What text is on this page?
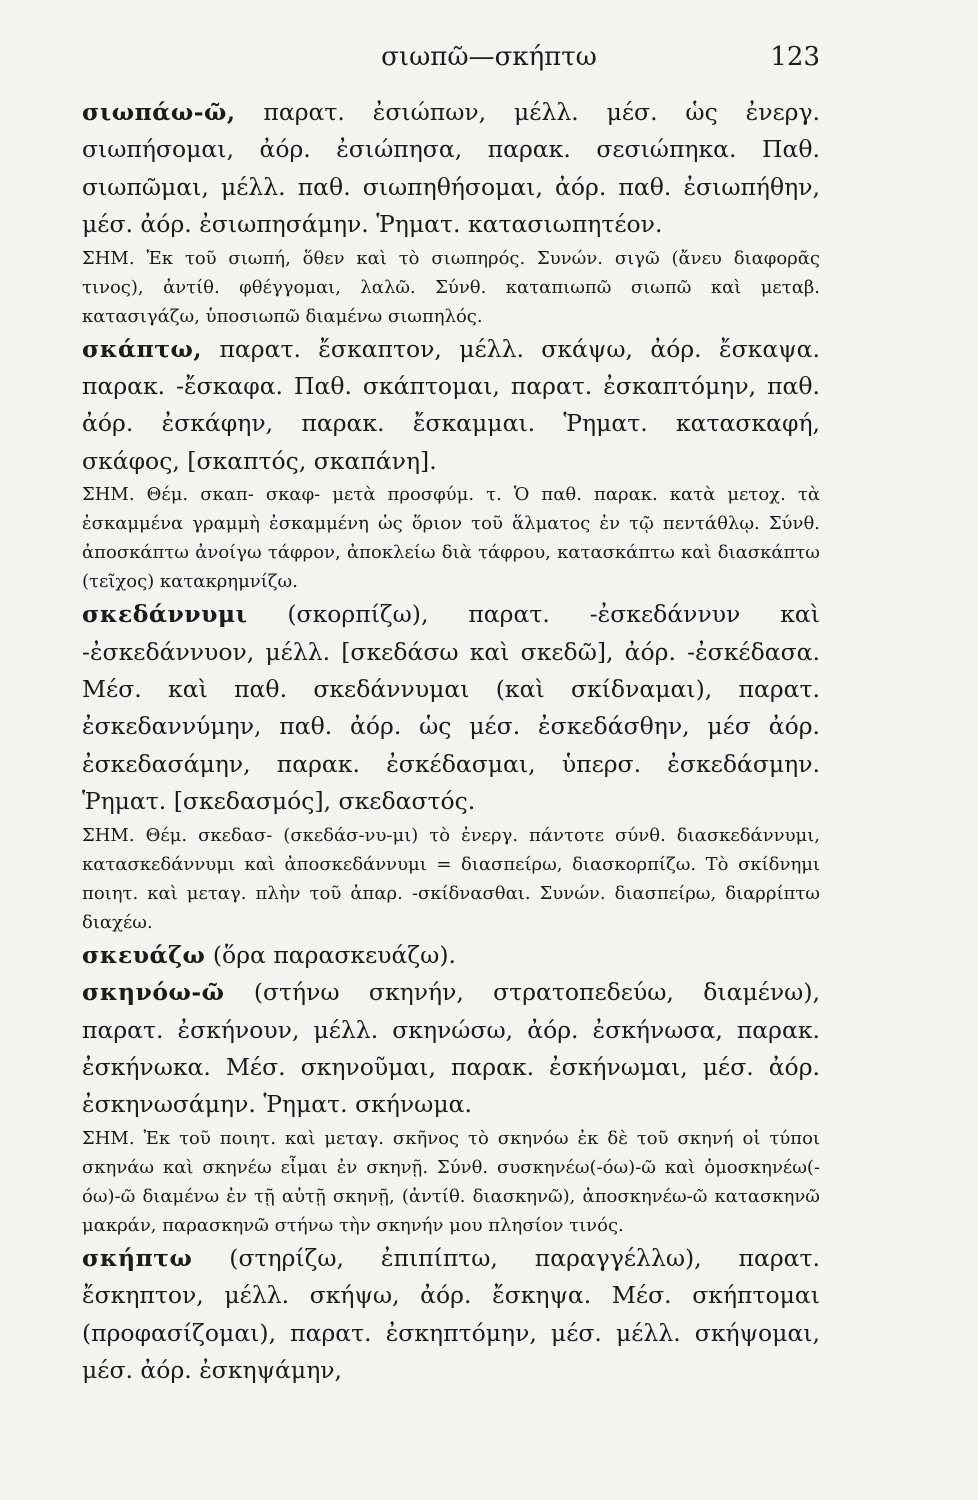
σιωπῶ—σκήπτω	123

σιωπάω-ῶ, παρατ. ἐσιώπων, μέλλ. μέσ. ὡς ἐνεργ. σιωπήσομαι, ἀόρ. ἐσιώπησα, παρακ. σεσιώπηκα. Παθ. σιωπῶμαι, μέλλ. παθ. σιωπηθήσομαι, ἀόρ. παθ. ἐσιωπήθην, μέσ. ἀόρ. ἐσιωπησάμην. Ῥηματ. κατασιωπητέον.

ΣΗΜ. Ἐκ τοῦ σιωπή, ὅθεν καὶ τὸ σιωπηρός. Συνών. σιγῶ (ἄνευ διαφορᾶς τινος), ἀντίθ. φθέγγομαι, λαλῶ. Σύνθ. καταπιωπῶ σιωπῶ καὶ μεταβ. κατασιγάζω, ὑποσιωπῶ διαμένω σιωπηλός.

σκάπτω, παρατ. ἔσκαπτον, μέλλ. σκάψω, ἀόρ. ἔσκαψα. παρακ. -ἔσκαφα. Παθ. σκάπτομαι, παρατ. ἐσκαπτόμην, παθ. ἀόρ. ἐσκάφην, παρακ. ἔσκαμμαι. Ῥηματ. κατασκαφή, σκάφος, [σκαπτός, σκαπάνη].

ΣΗΜ. Θέμ. σκαπ- σκαφ- μετὰ προσφύμ. τ. Ὁ παθ. παρακ. κατὰ μετοχ. τὰ ἐσκαμμένα γραμμὴ ἐσκαμμένη ὡς ὅριον τοῦ ἅλματος ἐν τῷ πεντάθλῳ. Σύνθ. ἀποσκάπτω ἀνοίγω τάφρον, ἀποκλείω διὰ τάφρου, κατασκάπτω καὶ διασκάπτω (τεῖχος) κατακρημνίζω.

σκεδάννυμι (σκορπίζω), παρατ. -ἐσκεδάννυν καὶ -ἐσκεδάννυον, μέλλ. [σκεδάσω καὶ σκεδῶ], ἀόρ. -ἐσκέδασα. Μέσ. καὶ παθ. σκεδάννυμαι (καὶ σκίδναμαι), παρατ. ἐσκεδαννύμην, παθ. ἀόρ. ὡς μέσ. ἐσκεδάσθην, μέσ ἀόρ. ἐσκεδασάμην, παρακ. ἐσκέδασμαι, ὑπερσ. ἐσκεδάσμην. Ῥηματ. [σκεδασμός], σκεδαστός.

ΣΗΜ. Θέμ. σκεδασ- (σκεδάσ-νυ-μι) τὸ ἐνεργ. πάντοτε σύνθ. διασκεδάννυμι, κατασκεδάννυμι καὶ ἀποσκεδάννυμι = διασπείρω, διασκορπίζω. Τὸ σκίδνημι ποιητ. καὶ μεταγ. πλὴν τοῦ ἀπαρ. -σκίδνασθαι. Συνών. διασπείρω, διαρρίπτω διαχέω.

σκευάζω (ὅρα παρασκευάζω).

σκηνόω-ῶ (στήνω σκηνήν, στρατοπεδεύω, διαμένω), παρατ. ἐσκήνουν, μέλλ. σκηνώσω, ἀόρ. ἐσκήνωσα, παρακ. ἐσκήνωκα. Μέσ. σκηνοῦμαι, παρακ. ἐσκήνωμαι, μέσ. ἀόρ. ἐσκηνωσάμην. Ῥηματ. σκήνωμα.

ΣΗΜ. Ἐκ τοῦ ποιητ. καὶ μεταγ. σκῆνος τὸ σκηνόω ἐκ δὲ τοῦ σκηνή οἱ τύποι σκηνάω καὶ σκηνέω εἶμαι ἐν σκηνῇ. Σύνθ. συσκηνέω(-όω)-ῶ καὶ ὁμοσκηνέω(-όω)-ῶ διαμένω ἐν τῇ αὐτῇ σκηνῇ, (ἀντίθ. διασκηνῶ), ἀποσκηνέω-ῶ κατασκηνῶ μακράν, παρασκηνῶ στήνω τὴν σκηνήν μου πλησίον τινός.

σκήπτω (στηρίζω, ἐπιπίπτω, παραγγέλλω), παρατ. ἔσκηπτον, μέλλ. σκήψω, ἀόρ. ἔσκηψα. Μέσ. σκήπτομαι (προφασίζομαι), παρατ. ἐσκηπτόμην, μέσ. μέλλ. σκήψομαι, μέσ. ἀόρ. ἐσκηψάμην,
